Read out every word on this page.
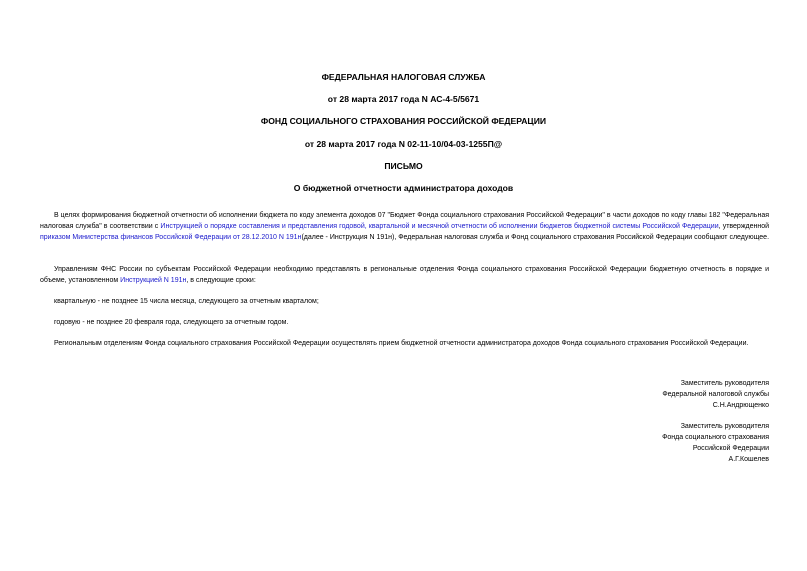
ФЕДЕРАЛЬНАЯ НАЛОГОВАЯ СЛУЖБА
от 28 марта 2017 года N АС-4-5/5671
ФОНД СОЦИАЛЬНОГО СТРАХОВАНИЯ РОССИЙСКОЙ ФЕДЕРАЦИИ
от 28 марта 2017 года N 02-11-10/04-03-1255П@
ПИСЬМО
О бюджетной отчетности администратора доходов
В целях формирования бюджетной отчетности об исполнении бюджета по коду элемента доходов 07 "Бюджет Фонда социального страхования Российской Федерации" в части доходов по коду главы 182 "Федеральная налоговая служба" в соответствии с Инструкцией о порядке составления и представления годовой, квартальной и месячной отчетности об исполнении бюджетов бюджетной системы Российской Федерации, утвержденной приказом Министерства финансов Российской Федерации от 28.12.2010 N 191н(далее - Инструкция N 191н), Федеральная налоговая служба и Фонд социального страхования Российской Федерации сообщают следующее.
Управлениям ФНС России по субъектам Российской Федерации необходимо представлять в региональные отделения Фонда социального страхования Российской Федерации бюджетную отчетность в порядке и объеме, установленном Инструкцией N 191н, в следующие сроки:
квартальную - не позднее 15 числа месяца, следующего за отчетным кварталом;
годовую - не позднее 20 февраля года, следующего за отчетным годом.
Региональным отделениям Фонда социального страхования Российской Федерации осуществлять прием бюджетной отчетности администратора доходов Фонда социального страхования Российской Федерации.
Заместитель руководителя
Федеральной налоговой службы
С.Н.Андрющенко
Заместитель руководителя
Фонда социального страхования
Российской Федерации
А.Г.Кошелев
